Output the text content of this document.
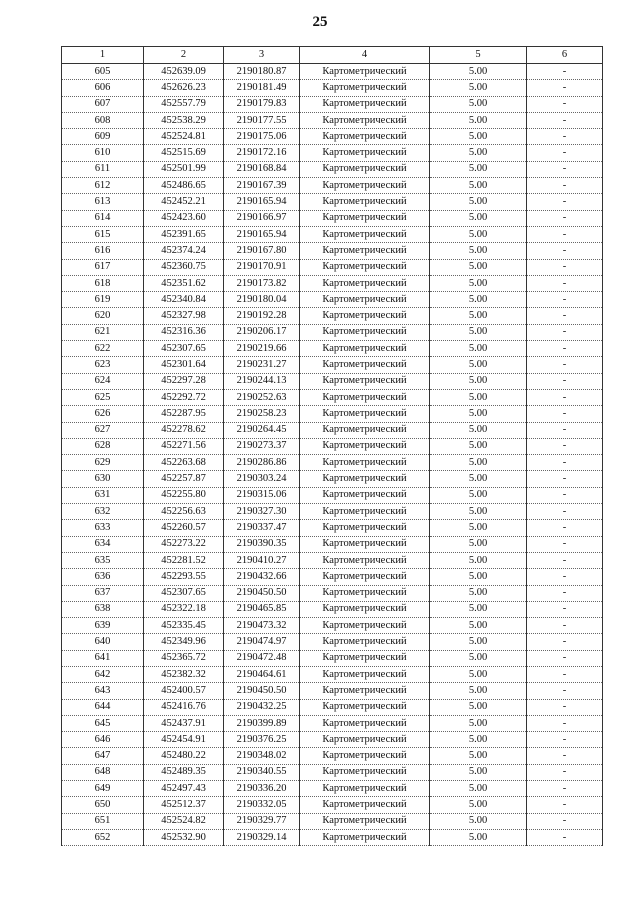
25
1	2	3	4	5	6
605	452639.09	2190180.87	Картометрический	5.00	-
606	452626.23	2190181.49	Картометрический	5.00	-
607	452557.79	2190179.83	Картометрический	5.00	-
608	452538.29	2190177.55	Картометрический	5.00	-
609	452524.81	2190175.06	Картометрический	5.00	-
610	452515.69	2190172.16	Картометрический	5.00	-
611	452501.99	2190168.84	Картометрический	5.00	-
612	452486.65	2190167.39	Картометрический	5.00	-
613	452452.21	2190165.94	Картометрический	5.00	-
614	452423.60	2190166.97	Картометрический	5.00	-
615	452391.65	2190165.94	Картометрический	5.00	-
616	452374.24	2190167.80	Картометрический	5.00	-
617	452360.75	2190170.91	Картометрический	5.00	-
618	452351.62	2190173.82	Картометрический	5.00	-
619	452340.84	2190180.04	Картометрический	5.00	-
620	452327.98	2190192.28	Картометрический	5.00	-
621	452316.36	2190206.17	Картометрический	5.00	-
622	452307.65	2190219.66	Картометрический	5.00	-
623	452301.64	2190231.27	Картометрический	5.00	-
624	452297.28	2190244.13	Картометрический	5.00	-
625	452292.72	2190252.63	Картометрический	5.00	-
626	452287.95	2190258.23	Картометрический	5.00	-
627	452278.62	2190264.45	Картометрический	5.00	-
628	452271.56	2190273.37	Картометрический	5.00	-
629	452263.68	2190286.86	Картометрический	5.00	-
630	452257.87	2190303.24	Картометрический	5.00	-
631	452255.80	2190315.06	Картометрический	5.00	-
632	452256.63	2190327.30	Картометрический	5.00	-
633	452260.57	2190337.47	Картометрический	5.00	-
634	452273.22	2190390.35	Картометрический	5.00	-
635	452281.52	2190410.27	Картометрический	5.00	-
636	452293.55	2190432.66	Картометрический	5.00	-
637	452307.65	2190450.50	Картометрический	5.00	-
638	452322.18	2190465.85	Картометрический	5.00	-
639	452335.45	2190473.32	Картометрический	5.00	-
640	452349.96	2190474.97	Картометрический	5.00	-
641	452365.72	2190472.48	Картометрический	5.00	-
642	452382.32	2190464.61	Картометрический	5.00	-
643	452400.57	2190450.50	Картометрический	5.00	-
644	452416.76	2190432.25	Картометрический	5.00	-
645	452437.91	2190399.89	Картометрический	5.00	-
646	452454.91	2190376.25	Картометрический	5.00	-
647	452480.22	2190348.02	Картометрический	5.00	-
648	452489.35	2190340.55	Картометрический	5.00	-
649	452497.43	2190336.20	Картометрический	5.00	-
650	452512.37	2190332.05	Картометрический	5.00	-
651	452524.82	2190329.77	Картометрический	5.00	-
652	452532.90	2190329.14	Картометрический	5.00	-
